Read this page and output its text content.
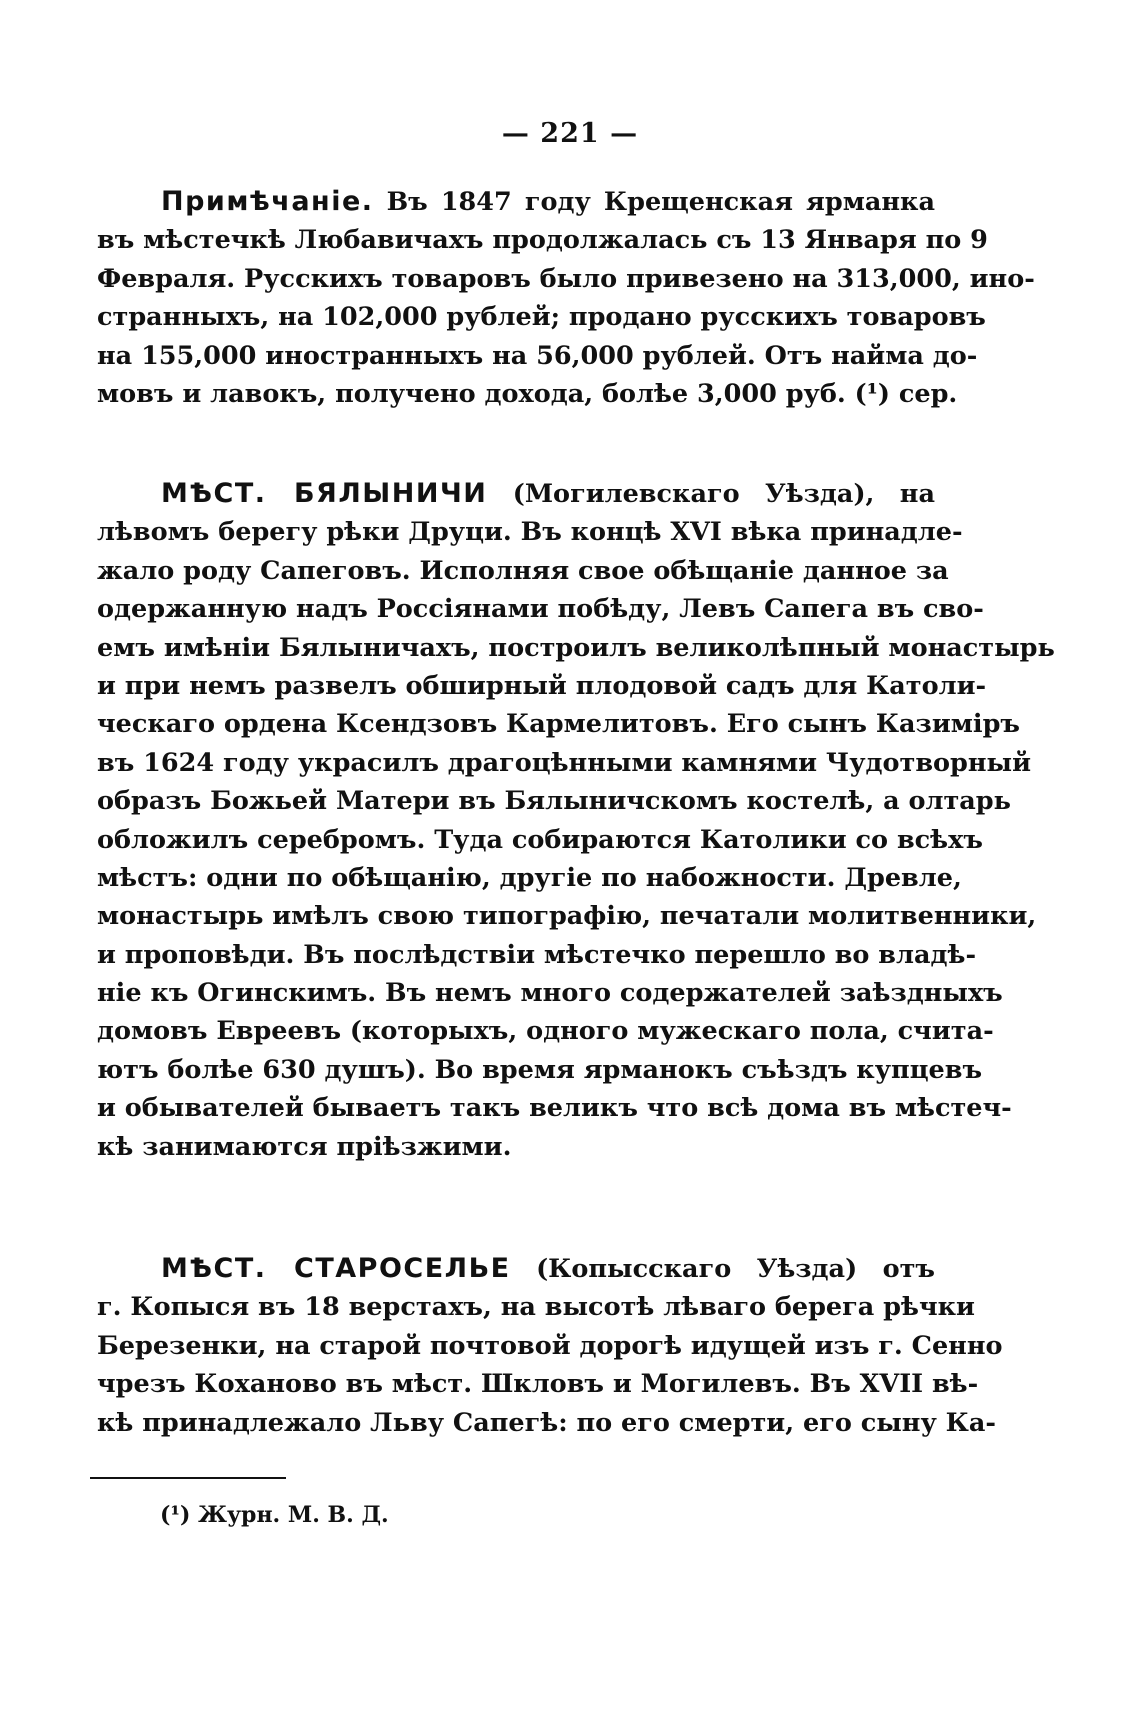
— 221 —
Примѣчаніе. Въ 1847 году Крещенская ярманка
въ мѣстечкѣ Любавичахъ продолжалась съ 13 Января по 9
Февраля. Русскихъ товаровъ было привезено на 313,000, ино-
странныхъ, на 102,000 рублей; продано русскихъ товаровъ
на 155,000 иностранныхъ на 56,000 рублей. Отъ найма до-
мовъ и лавокъ, получено дохода, болѣе 3,000 руб. (¹) сер.
МѢСТ. БЯЛЫНИЧИ (Могилевскаго Уѣзда), на
лѣвомъ берегу рѣки Друци. Въ концѣ XVI вѣка принадле-
жало роду Сапеговъ. Исполняя свое обѣщаніе данное за
одержанную надъ Россіянами побѣду, Левъ Сапега въ сво-
емъ имѣніи Бялыничахъ, построилъ великолѣпный монастырь
и при немъ развелъ обширный плодовой садъ для Католи-
ческаго ордена Ксендзовъ Кармелитовъ. Его сынъ Казиміръ
въ 1624 году украсилъ драгоцѣнными камнями Чудотворный
образъ Божьей Матери въ Бялыничскомъ костелѣ, а олтарь
обложилъ серебромъ. Туда собираются Католики со всѣхъ
мѣстъ: одни по обѣщанію, другіе по набожности. Древле,
монастырь имѣлъ свою типографію, печатали молитвенники,
и проповѣди. Въ послѣдствіи мѣстечко перешло во владѣ-
ніе къ Огинскимъ. Въ немъ много содержателей заѣздныхъ
домовъ Евреевъ (которыхъ, одного мужескаго пола, счита-
ютъ болѣе 630 душъ). Во время ярманокъ съѣздъ купцевъ
и обывателей бываетъ такъ великъ что всѣ дома въ мѣстеч-
кѣ занимаются пріѣзжими.
МѢСТ. СТАРОСЕЛЬЕ (Копысскаго Уѣзда) отъ
г. Копыся въ 18 верстахъ, на высотѣ лѣваго берега рѣчки
Березенки, на старой почтовой дорогѣ идущей изъ г. Сенно
чрезъ Коханово въ мѣст. Шкловъ и Могилевъ. Въ XVII вѣ-
кѣ принадлежало Льву Сапегѣ: по его смерти, его сыну Ка-
(¹) Журн. М. В. Д.
